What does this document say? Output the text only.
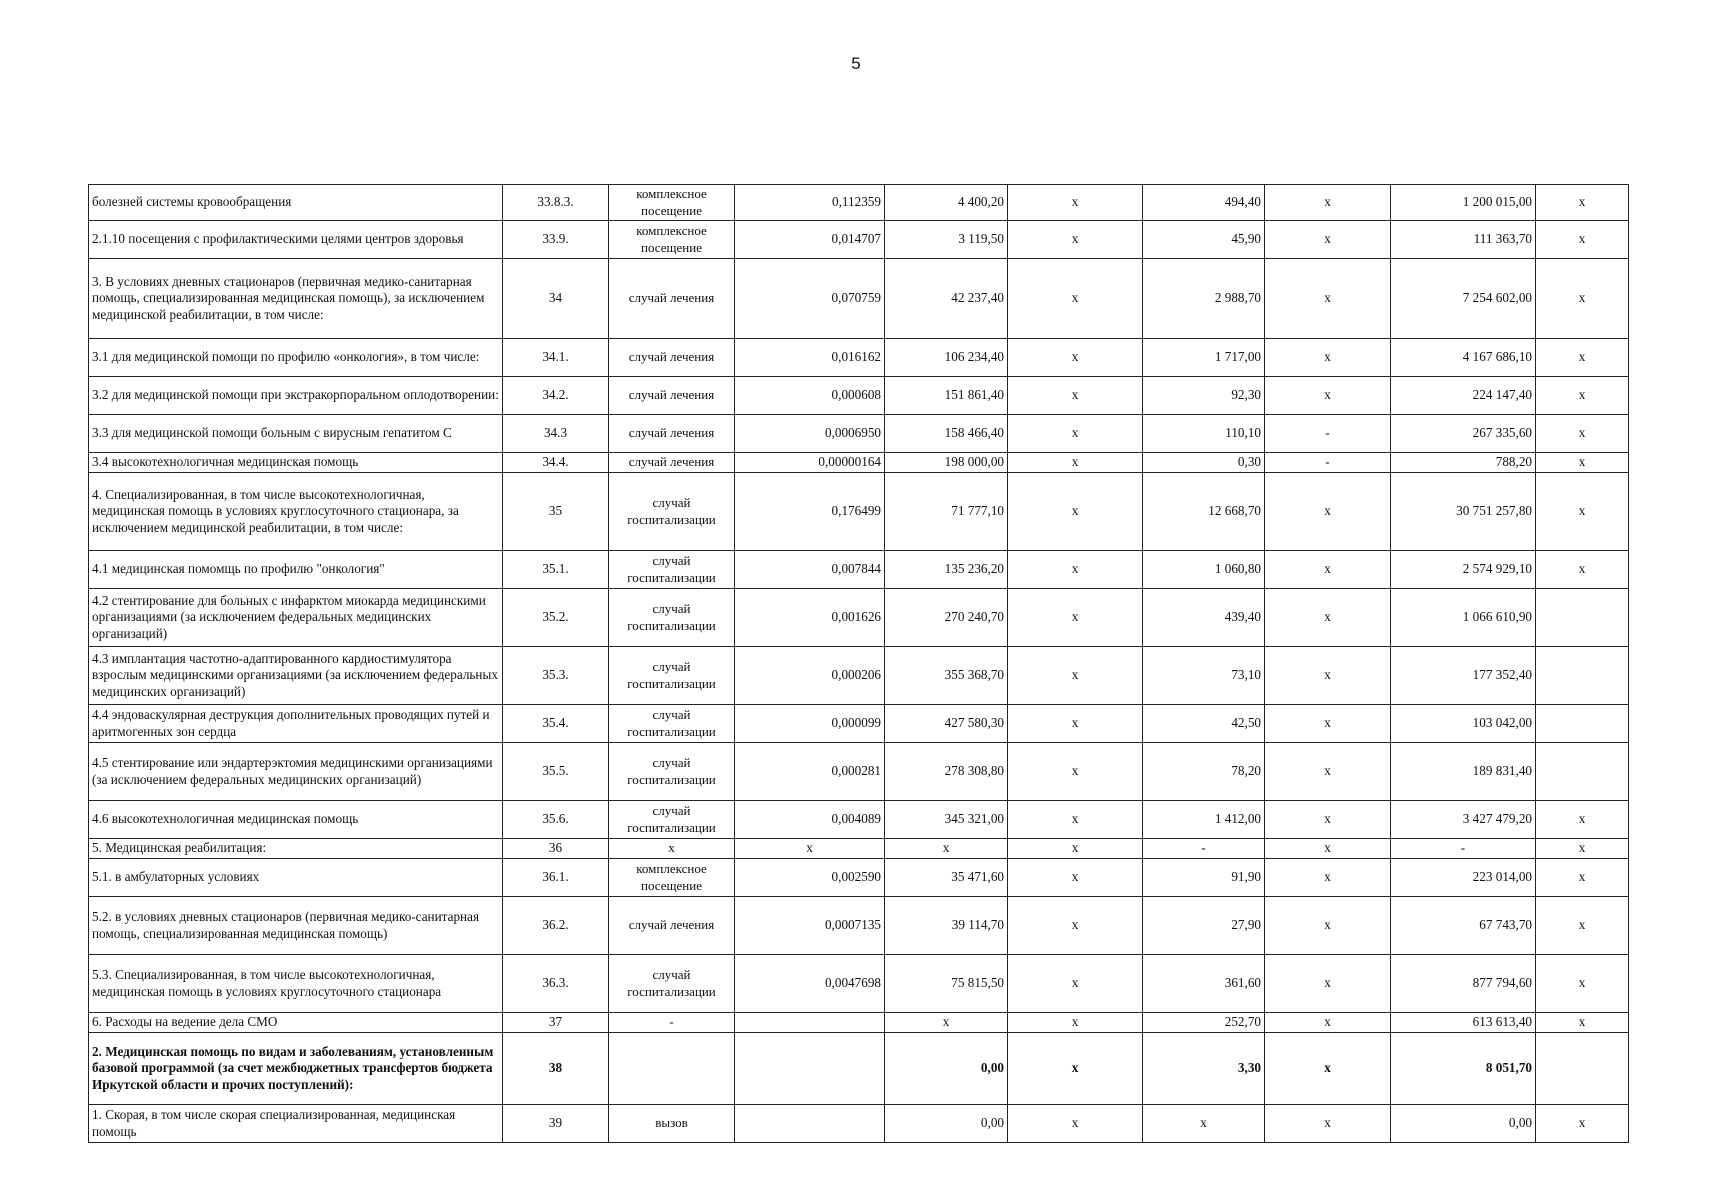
5
болезней системы кровообращения	33.8.3.	комплексное посещение	0,112359	4 400,20	х	494,40	х	1 200 015,00	х
2.1.10 посещения с профилактическими целями центров здоровья	33.9.	комплексное посещение	0,014707	3 119,50	х	45,90	х	111 363,70	х
3. В условиях дневных стационаров (первичная медико-санитарная помощь, специализированная медицинская помощь), за исключением медицинской реабилитации, в том числе:	34	случай лечения	0,070759	42 237,40	х	2 988,70	х	7 254 602,00	х
3.1 для медицинской помощи по профилю «онкология», в том числе:	34.1.	случай лечения	0,016162	106 234,40	х	1 717,00	х	4 167 686,10	х
3.2 для медицинской помощи при экстракорпоральном оплодотворении:	34.2.	случай лечения	0,000608	151 861,40	х	92,30	х	224 147,40	х
3.3 для медицинской помощи больным с вирусным гепатитом С	34.3	случай лечения	0,0006950	158 466,40	х	110,10	-	267 335,60	х
3.4 высокотехнологичная медицинская помощь	34.4.	случай лечения	0,00000164	198 000,00	х	0,30	-	788,20	х
4. Специализированная, в том числе высокотехнологичная, медицинская помощь в условиях круглосуточного стационара, за исключением медицинской реабилитации, в том числе:	35	случай госпитализации	0,176499	71 777,10	х	12 668,70	х	30 751 257,80	х
4.1 медицинская помомщь по профилю "онкология"	35.1.	случай госпитализации	0,007844	135 236,20	х	1 060,80	х	2 574 929,10	х
4.2 стентирование для больных с инфарктом миокарда медицинскими организациями (за исключением федеральных медицинских организаций)	35.2.	случай госпитализации	0,001626	270 240,70	х	439,40	х	1 066 610,90	
4.3 имплантация частотно-адаптированного кардиостимулятора взрослым медицинскими организациями (за исключением федеральных медицинских организаций)	35.3.	случай госпитализации	0,000206	355 368,70	х	73,10	х	177 352,40	
4.4 эндоваскулярная деструкция дополнительных проводящих путей и аритмогенных зон сердца	35.4.	случай госпитализации	0,000099	427 580,30	х	42,50	х	103 042,00	
4.5 стентирование или эндартерэктомия медицинскими организациями (за исключением федеральных медицинских организаций)	35.5.	случай госпитализации	0,000281	278 308,80	х	78,20	х	189 831,40	
4.6 высокотехнологичная медицинская помощь	35.6.	случай госпитализации	0,004089	345 321,00	х	1 412,00	х	3 427 479,20	х
5. Медицинская реабилитация:	36	х	х	х	х	-	х	-	х
5.1. в амбулаторных условиях	36.1.	комплексное посещение	0,002590	35 471,60	х	91,90	х	223 014,00	х
5.2. в условиях дневных стационаров (первичная медико-санитарная помощь, специализированная медицинская помощь)	36.2.	случай лечения	0,0007135	39 114,70	х	27,90	х	67 743,70	х
5.3. Специализированная, в том числе высокотехнологичная, медицинская помощь в условиях круглосуточного стационара	36.3.	случай госпитализации	0,0047698	75 815,50	х	361,60	х	877 794,60	х
6. Расходы на ведение дела СМО	37	-		х	х	252,70	х	613 613,40	х
2. Медицинская помощь по видам и заболеваниям, установленным базовой программой (за счет межбюджетных трансфертов бюджета Иркутской области и прочих поступлений):	38			0,00	х	3,30	х	8 051,70	
1. Скорая, в том числе скорая специализированная, медицинская помощь	39	вызов		0,00	х	х	х	0,00	х
